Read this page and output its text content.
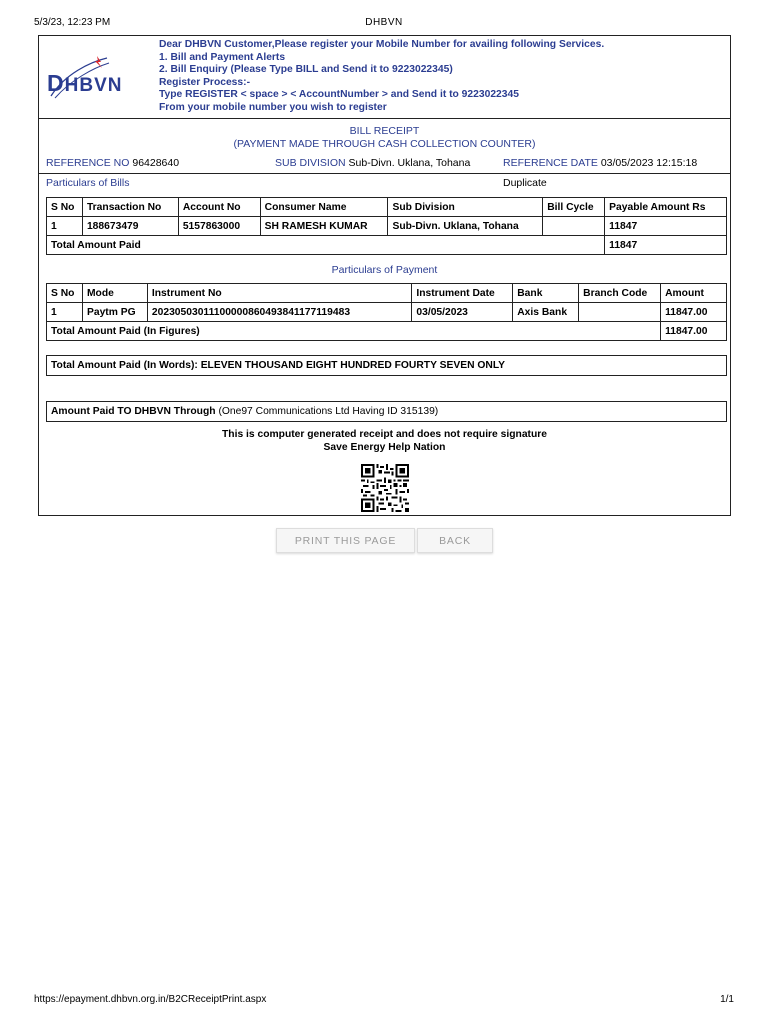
5/3/23, 12:23 PM	DHBVN
DHBVN
Dear DHBVN Customer,Please register your Mobile Number for availing following Services.
1. Bill and Payment Alerts
2. Bill Enquiry (Please Type BILL and Send it to 9223022345)
Register Process:-
Type REGISTER < space > < AccountNumber > and Send it to 9223022345
From your mobile number you wish to register
BILL RECEIPT
(PAYMENT MADE THROUGH CASH COLLECTION COUNTER)
REFERENCE NO 96428640	SUB DIVISION Sub-Divn. Uklana, Tohana	REFERENCE DATE 03/05/2023 12:15:18
Particulars of Bills	Duplicate
S No	Transaction No	Account No	Consumer Name	Sub Division	Bill Cycle	Payable Amount Rs
1	188673479	5157863000	SH RAMESH KUMAR	Sub-Divn. Uklana, Tohana		11847
Total Amount Paid						11847
Particulars of Payment
S No	Mode	Instrument No	Instrument Date	Bank	Branch Code	Amount
1	Paytm PG	20230503011100000860493841177119483	03/05/2023	Axis Bank		11847.00
Total Amount Paid (In Figures)						11847.00
Total Amount Paid (In Words):
ELEVEN THOUSAND EIGHT HUNDRED FOURTY SEVEN ONLY
Amount Paid TO DHBVN Through
(One97 Communications Ltd Having ID 315139)
This is computer generated receipt and does not require signature
Save Energy Help Nation
PRINT THIS PAGE	BACK
https://epayment.dhbvn.org.in/B2CReceiptPrint.aspx	1/1
